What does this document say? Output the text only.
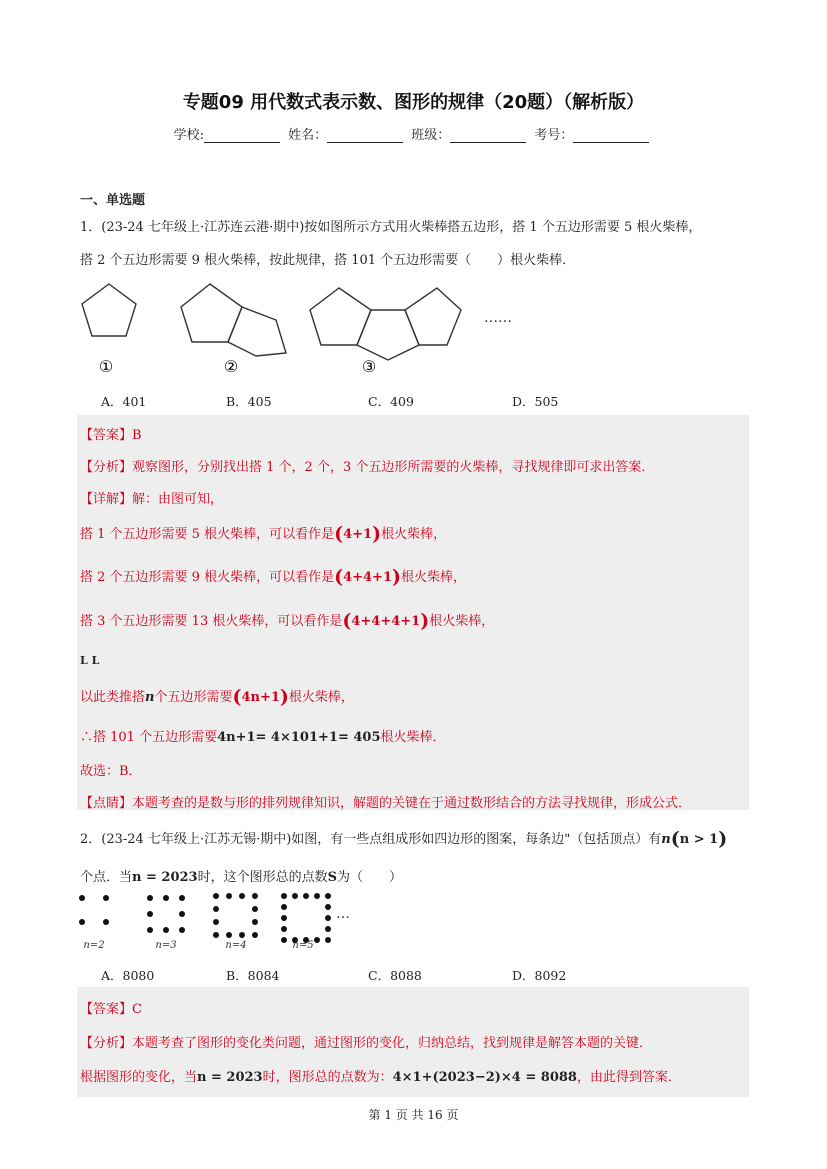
专题09 用代数式表示数、图形的规律（20题）（解析版）
学校:	姓名：	班级：	考号：
一、单选题
1．(23-24 七年级上·江苏连云港·期中)按如图所示方式用火柴棒搭五边形，搭 1 个五边形需要 5 根火柴棒，
搭 2 个五边形需要 9 根火柴棒，按此规律，搭 101 个五边形需要（　　）根火柴棒．
①	②	③
……
A．401	B．405	C．409	D．505
【答案】B
【分析】观察图形，分别找出搭 1 个，2 个，3 个五边形所需要的火柴棒，寻找规律即可求出答案．
【详解】解：由图可知，
搭 1 个五边形需要 5 根火柴棒，可以看作是(4+1)根火柴棒，
搭 2 个五边形需要 9 根火柴棒，可以看作是(4+4+1)根火柴棒，
搭 3 个五边形需要 13 根火柴棒，可以看作是(4+4+4+1)根火柴棒，
L L
以此类推搭n个五边形需要(4n+1)根火柴棒，
∴搭 101 个五边形需要4n+1= 4×101+1= 405根火柴棒．
故选：B．
【点睛】本题考查的是数与形的排列规律知识，解题的关键在于通过数形结合的方法寻找规律，形成公式．
2．(23-24 七年级上·江苏无锡·期中)如图，有一些点组成形如四边形的图案，每条边"（包括顶点）有n(n > 1)
个点．当n = 2023时，这个图形总的点数S为（　　）
n=2	n=3	n=4	n=5
…
A．8080	B．8084	C．8088	D．8092
【答案】C
【分析】本题考查了图形的变化类问题，通过图形的变化，归纳总结，找到规律是解答本题的关键．
根据图形的变化，当n = 2023时，图形总的点数为：4×1+(2023−2)×4 = 8088，由此得到答案．
第 1 页 共 16 页
